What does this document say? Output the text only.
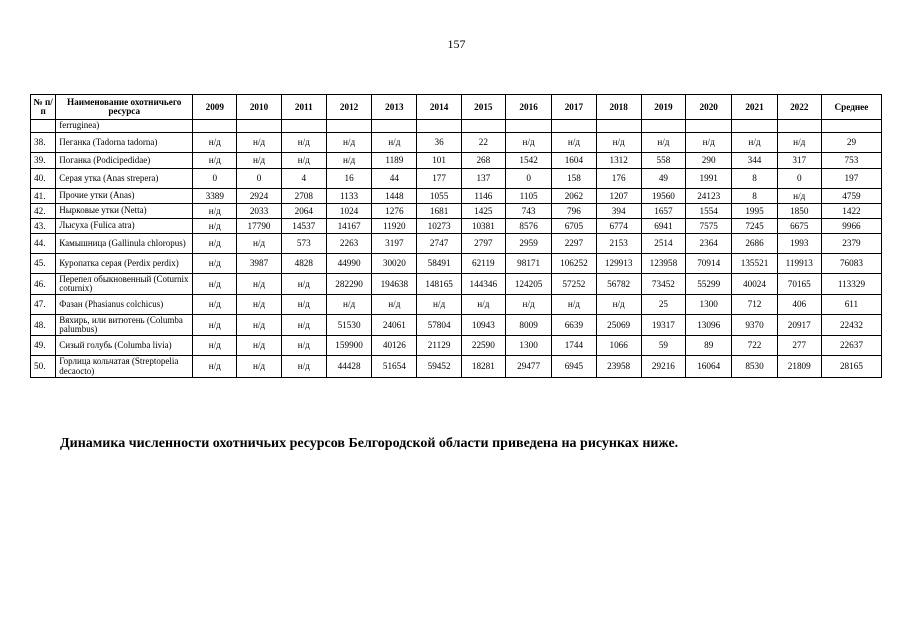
157
№ п/п	Наименование охотничьего ресурса	2009	2010	2011	2012	2013	2014	2015	2016	2017	2018	2019	2020	2021	2022	Среднее
	ferruginea)															
38.	Пеганка (Tadorna tadorna)	н/д	н/д	н/д	н/д	н/д	36	22	н/д	н/д	н/д	н/д	н/д	н/д	н/д	29
39.	Поганка (Podicipedidae)	н/д	н/д	н/д	н/д	1189	101	268	1542	1604	1312	558	290	344	317	753
40.	Серая утка (Anas strepera)	0	0	4	16	44	177	137	0	158	176	49	1991	8	0	197
41.	Прочие утки (Anas)	3389	2924	2708	1133	1448	1055	1146	1105	2062	1207	19560	24123	8	н/д	4759
42.	Нырковые утки (Netta)	н/д	2033	2064	1024	1276	1681	1425	743	796	394	1657	1554	1995	1850	1422
43.	Лысуха (Fulica atra)	н/д	17790	14537	14167	11920	10273	10381	8576	6705	6774	6941	7575	7245	6675	9966
44.	Камышница (Gallinula chloropus)	н/д	н/д	573	2263	3197	2747	2797	2959	2297	2153	2514	2364	2686	1993	2379
45.	Куропатка серая (Perdix perdix)	н/д	3987	4828	44990	30020	58491	62119	98171	106252	129913	123958	70914	135521	119913	76083
46.	Перепел обыкновенный (Coturnix coturnix)	н/д	н/д	н/д	282290	194638	148165	144346	124205	57252	56782	73452	55299	40024	70165	113329
47.	Фазан (Phasianus colchicus)	н/д	н/д	н/д	н/д	н/д	н/д	н/д	н/д	н/д	н/д	25	1300	712	406	611
48.	Вяхирь, или витютень (Columba palumbus)	н/д	н/д	н/д	51530	24061	57804	10943	8009	6639	25069	19317	13096	9370	20917	22432
49.	Сизый голубь (Columba livia)	н/д	н/д	н/д	159900	40126	21129	22590	1300	1744	1066	59	89	722	277	22637
50.	Горлица кольчатая (Streptopelia decaocto)	н/д	н/д	н/д	44428	51654	59452	18281	29477	6945	23958	29216	16064	8530	21809	28165
Динамика численности охотничьих ресурсов Белгородской области приведена на рисунках ниже.
